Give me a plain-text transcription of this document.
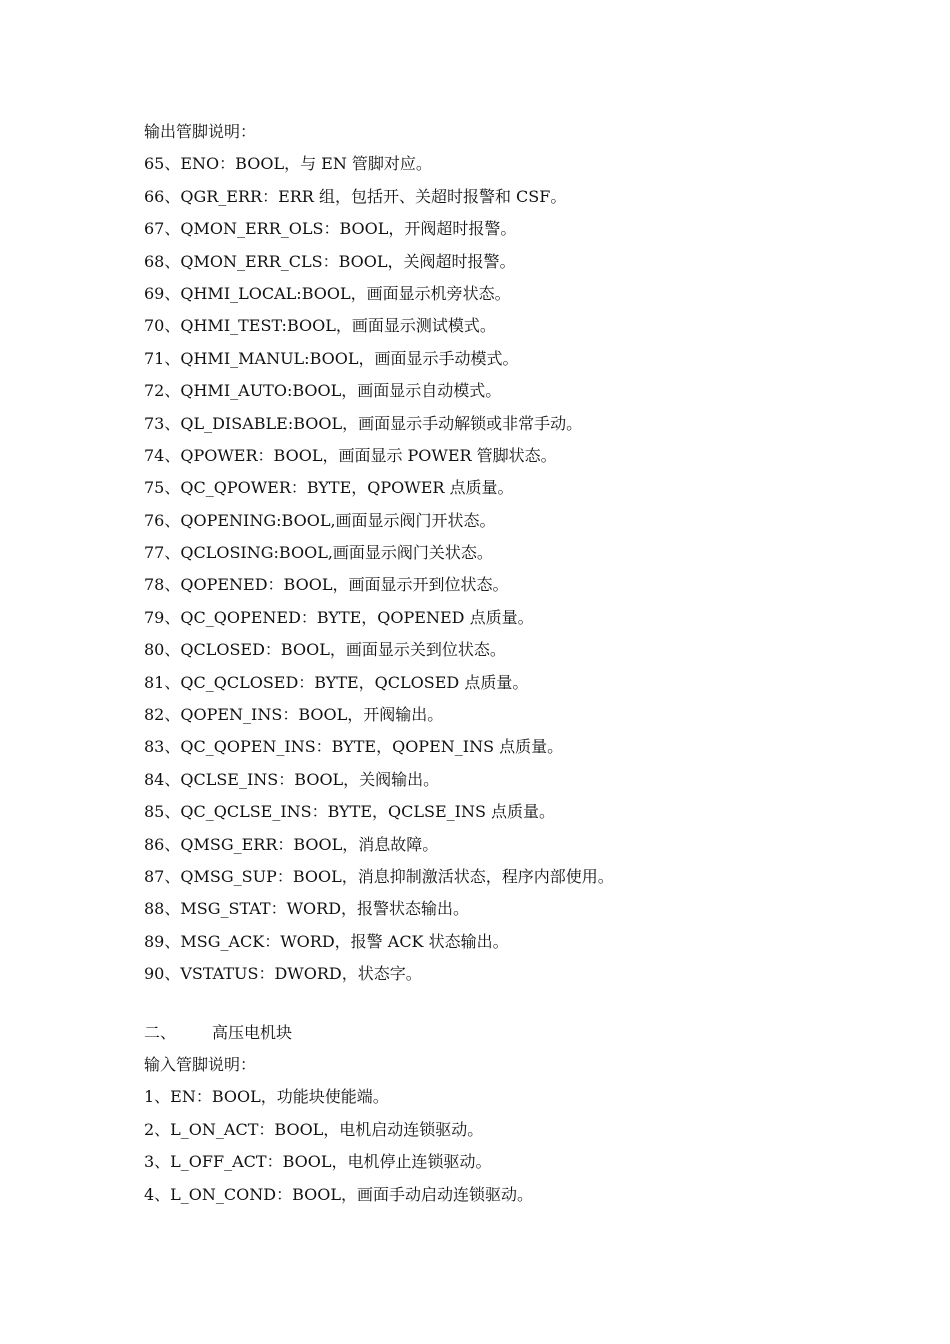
输出管脚说明：
65、ENO：BOOL，与 EN 管脚对应。
66、QGR_ERR：ERR 组，包括开、关超时报警和 CSF。
67、QMON_ERR_OLS：BOOL，开阀超时报警。
68、QMON_ERR_CLS：BOOL，关阀超时报警。
69、QHMI_LOCAL:BOOL，画面显示机旁状态。
70、QHMI_TEST:BOOL，画面显示测试模式。
71、QHMI_MANUL:BOOL，画面显示手动模式。
72、QHMI_AUTO:BOOL，画面显示自动模式。
73、QL_DISABLE:BOOL，画面显示手动解锁或非常手动。
74、QPOWER：BOOL，画面显示 POWER 管脚状态。
75、QC_QPOWER：BYTE，QPOWER 点质量。
76、QOPENING:BOOL,画面显示阀门开状态。
77、QCLOSING:BOOL,画面显示阀门关状态。
78、QOPENED：BOOL，画面显示开到位状态。
79、QC_QOPENED：BYTE，QOPENED 点质量。
80、QCLOSED：BOOL，画面显示关到位状态。
81、QC_QCLOSED：BYTE，QCLOSED 点质量。
82、QOPEN_INS：BOOL，开阀输出。
83、QC_QOPEN_INS：BYTE，QOPEN_INS 点质量。
84、QCLSE_INS：BOOL，关阀输出。
85、QC_QCLSE_INS：BYTE，QCLSE_INS 点质量。
86、QMSG_ERR：BOOL，消息故障。
87、QMSG_SUP：BOOL，消息抑制激活状态，程序内部使用。
88、MSG_STAT：WORD，报警状态输出。
89、MSG_ACK：WORD，报警 ACK 状态输出。
90、VSTATUS：DWORD，状态字。
二、 高压电机块
输入管脚说明：
1、EN：BOOL，功能块使能端。
2、L_ON_ACT：BOOL，电机启动连锁驱动。
3、L_OFF_ACT：BOOL，电机停止连锁驱动。
4、L_ON_COND：BOOL，画面手动启动连锁驱动。
